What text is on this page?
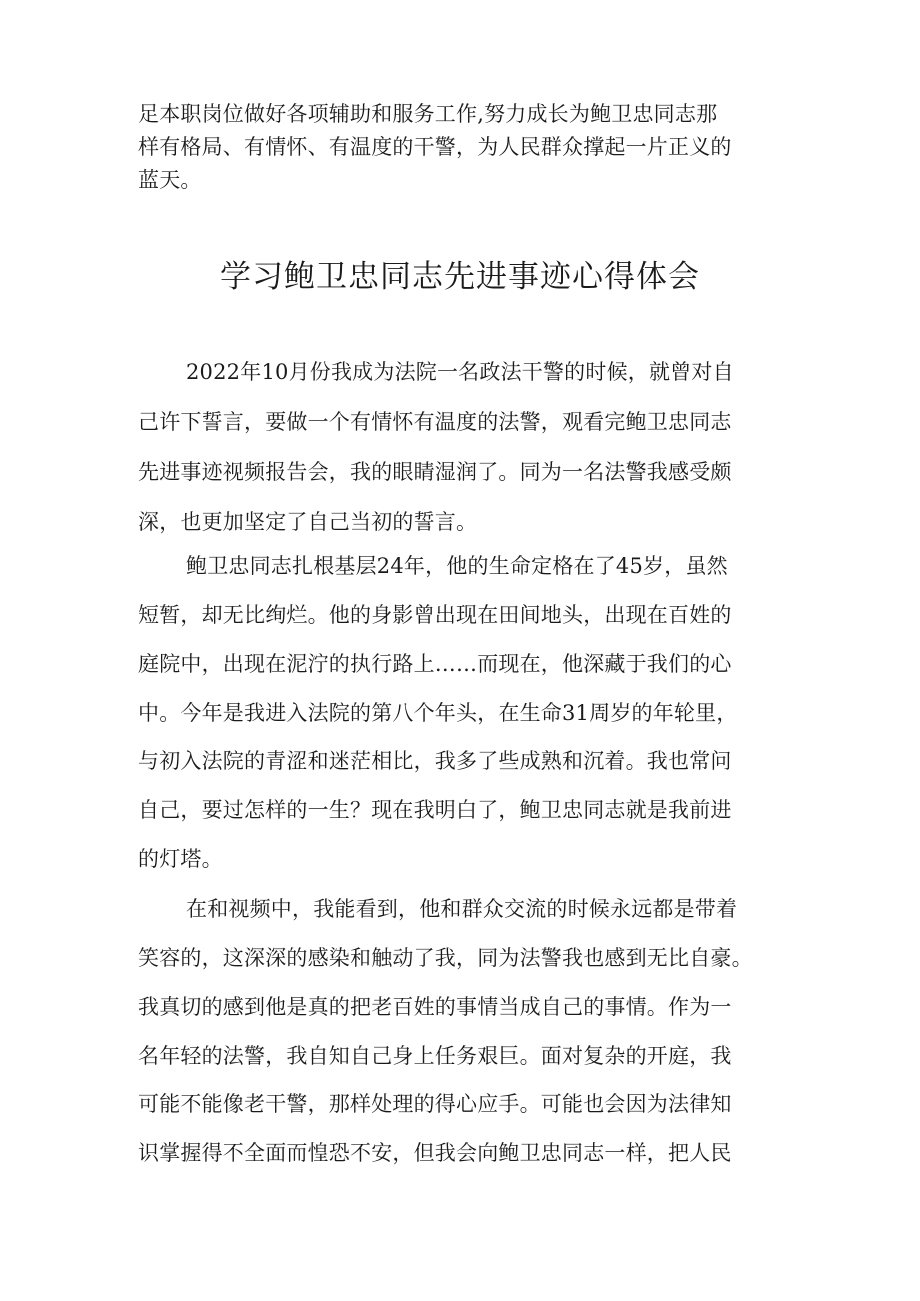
足本职岗位做好各项辅助和服务工作,努力成长为鲍卫忠同志那
样有格局、有情怀、有温度的干警，为人民群众撑起一片正义的
蓝天。
学习鲍卫忠同志先进事迹心得体会
2022年10月份我成为法院一名政法干警的时候，就曾对自
己许下誓言，要做一个有情怀有温度的法警，观看完鲍卫忠同志
先进事迹视频报告会，我的眼睛湿润了。同为一名法警我感受颇
深，也更加坚定了自己当初的誓言。
鲍卫忠同志扎根基层24年，他的生命定格在了45岁，虽然
短暂，却无比绚烂。他的身影曾出现在田间地头，出现在百姓的
庭院中，出现在泥泞的执行路上……而现在，他深藏于我们的心
中。今年是我进入法院的第八个年头，在生命31周岁的年轮里，
与初入法院的青涩和迷茫相比，我多了些成熟和沉着。我也常问
自己，要过怎样的一生？现在我明白了，鲍卫忠同志就是我前进
的灯塔。
在和视频中，我能看到，他和群众交流的时候永远都是带着
笑容的，这深深的感染和触动了我，同为法警我也感到无比自豪。
我真切的感到他是真的把老百姓的事情当成自己的事情。作为一
名年轻的法警，我自知自己身上任务艰巨。面对复杂的开庭，我
可能不能像老干警，那样处理的得心应手。可能也会因为法律知
识掌握得不全面而惶恐不安，但我会向鲍卫忠同志一样，把人民
